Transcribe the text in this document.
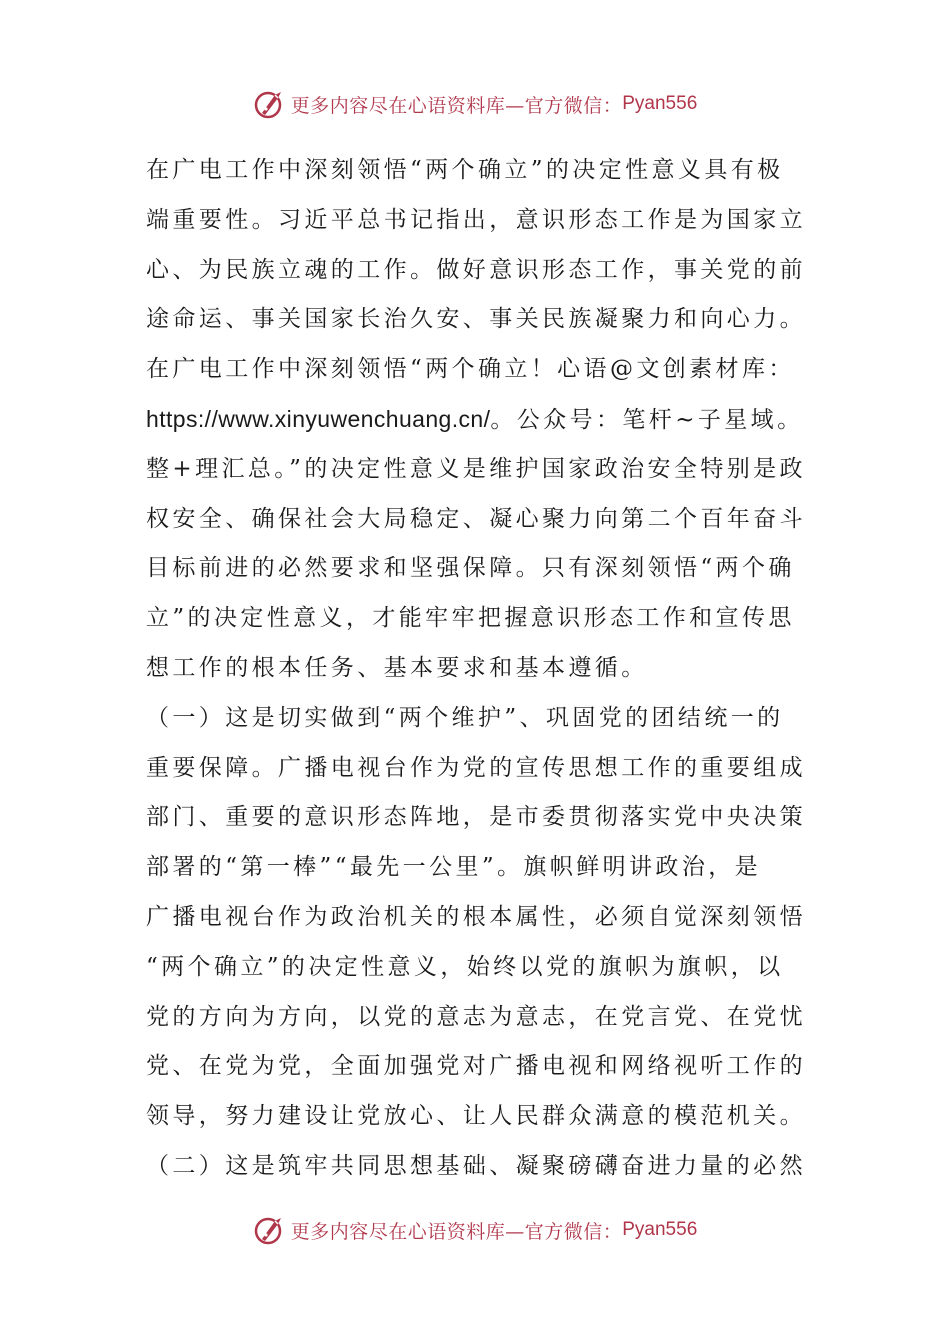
更多内容尽在心语资料库—官方微信： Pyan556
在广电工作中深刻领悟“两个确立”的决定性意义具有极
端重要性。习近平总书记指出，意识形态工作是为国家立
心、为民族立魂的工作。做好意识形态工作，事关党的前
途命运、事关国家长治久安、事关民族凝聚力和向心力。
在广电工作中深刻领悟“两个确立！心语@文创素材库：
https://www.xinyuwenchuang.cn/。公众号：笔杆~子星域。
整+理汇总。”的决定性意义是维护国家政治安全特别是政
权安全、确保社会大局稳定、凝心聚力向第二个百年奋斗
目标前进的必然要求和坚强保障。只有深刻领悟“两个确
立”的决定性意义，才能牢牢把握意识形态工作和宣传思
想工作的根本任务、基本要求和基本遵循。
（一）这是切实做到“两个维护”、巩固党的团结统一的
重要保障。广播电视台作为党的宣传思想工作的重要组成
部门、重要的意识形态阵地，是市委贯彻落实党中央决策
部署的“第一棒”“最先一公里”。旗帜鲜明讲政治，是
广播电视台作为政治机关的根本属性，必须自觉深刻领悟
“两个确立”的决定性意义，始终以党的旗帜为旗帜，以
党的方向为方向，以党的意志为意志，在党言党、在党忧
党、在党为党，全面加强党对广播电视和网络视听工作的
领导，努力建设让党放心、让人民群众满意的模范机关。
（二）这是筑牢共同思想基础、凝聚磅礴奋进力量的必然
更多内容尽在心语资料库—官方微信： Pyan556
